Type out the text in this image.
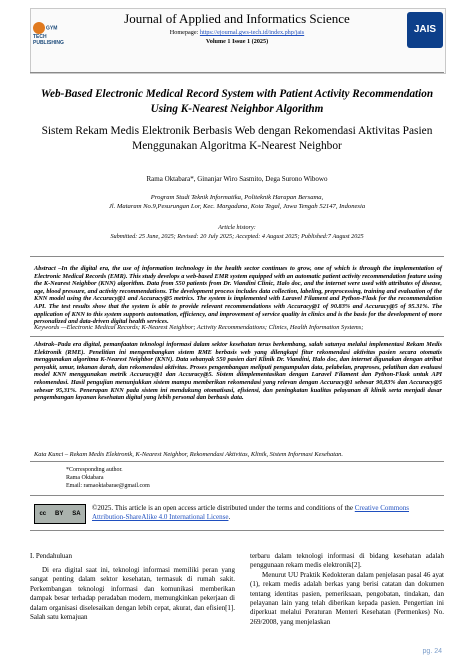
GYM TECH PUBLISHING
Journal of Applied and Informatics Science
Homepage: https://ejournal.gws-tech.id/index.php/jais
Volume 1 Issue 1 (2025)
JAIS
Web-Based Electronic Medical Record System with Patient Activity Recommendation Using K-Nearest Neighbor Algorithm
Sistem Rekam Medis Elektronik Berbasis Web dengan Rekomendasi Aktivitas Pasien Menggunakan Algoritma K-Nearest Neighbor
Rama Oktabara*, Ginanjar Wiro Sasmito, Dega Surono Wibowo
Program Studi Teknik Informatika, Politeknik Harapan Bersama,
Jl. Mataram No.9,Pesurungan Lor, Kec. Margadana, Kota Tegal, Jawa Tengah 52147, Indonesia
Article history:
Submitted: 25 June, 2025; Revised: 20 July 2025; Accepted: 4 August 2025; Published:7 August 2025
Abstract –In the digital era, the use of information technology in the health sector continues to grow, one of which is through the implementation of Electronic Medical Records (EMR). This study develops a web-based EMR system equipped with an automatic patient activity recommendation feature using the K-Nearest Neighbor (KNN) algorithm. Data from 550 patients from Dr. Viandini Clinic, Halo doc, and the internet were used with attributes of disease, age, blood pressure, and activity recommendations. The development process includes data collection, labeling, preprocessing, training and evaluation of the KNN model using the Accuracy@1 and Accuracy@5 metrics. The system is implemented with Laravel Filament and Python-Flask for the recommendation API. The test results show that the system is able to provide relevant recommendations with Accuracy@1 of 90.83% and Accuracy@5 of 95.31%. The application of KNN to this system supports automation, efficiency, and improvement of service quality in clinics and is the basis for the development of more personalized and data-driven digital health services.
Keywords —Electronic Medical Records; K-Nearest Neighbor; Activity Recommendations; Clinics, Health Information Systems;
Abstrak–Pada era digital, pemanfaatan teknologi informasi dalam sektor kesehatan terus berkembang, salah satunya melalui implementasi Rekam Medis Elektronik (RME). Penelitian ini mengembangkan sistem RME berbasis web yang dilengkapi fitur rekomendasi aktivitas pasien secara otomatis menggunakan algoritma K-Nearest Neighbor (KNN). Data sebanyak 550 pasien dari Klinik Dr. Viandini, Halo doc, dan internet digunakan dengan atribut penyakit, umur, tekanan darah, dan rekomendasi aktivitas. Proses pengembangan meliputi pengumpulan data, pelabelan, praproses, pelatihan dan evaluasi model KNN menggunakan metrik Accuracy@1 dan Accuracy@5. Sistem diimplementasikan dengan Laravel Filament dan Python-Flask untuk API rekomendasi. Hasil pengujian menunjukkan sistem mampu memberikan rekomendasi yang relevan dengan Accuracy@1 sebesar 90,83% dan Accuracy@5 sebesar 95,31%. Penerapan KNN pada sistem ini mendukung otomatisasi, efisiensi, dan peningkatan kualitas pelayanan di klinik serta menjadi dasar pengembangan layanan kesehatan digital yang lebih personal dan berbasis data.
Kata Kunci – Rekam Medis Elektronik, K-Nearest Neighbor, Rekomendasi Aktivitas, Klinik, Sistem Informasi Kesehatan.
*Corresponding author.
Rama Oktabara
Email: ramaoktabarae@gmail.com
cc BY SA
©2025. This article is an open access article distributed under the terms and conditions of the Creative Commons Attribution-ShareAlike 4.0 International License.
I. Pendahuluan

Di era digital saat ini, teknologi informasi memiliki peran yang sangat penting dalam sektor kesehatan, termasuk di rumah sakit. Perkembangan teknologi informasi dan komunikasi memberikan dampak besar terhadap peradaban modern, memungkinkan pekerjaan di dalam organisasi diselesaikan dengan lebih cepat, akurat, dan efisien[1]. Salah satu kemajuan

terbaru dalam teknologi informasi di bidang kesehatan adalah penggunaan rekam medis elektronik[2].

Menurut UU Praktik Kedokteran dalam penjelasan pasal 46 ayat (1), rekam medis adalah berkas yang berisi catatan dan dokumen tentang identitas pasien, pemeriksaan, pengobatan, tindakan, dan pelayanan lain yang telah diberikan kepada pasien. Pengertian ini diperkuat melalui Peraturan Menteri Kesehatan (Permenkes) No. 269/2008, yang menjelaskan

pg. 24
